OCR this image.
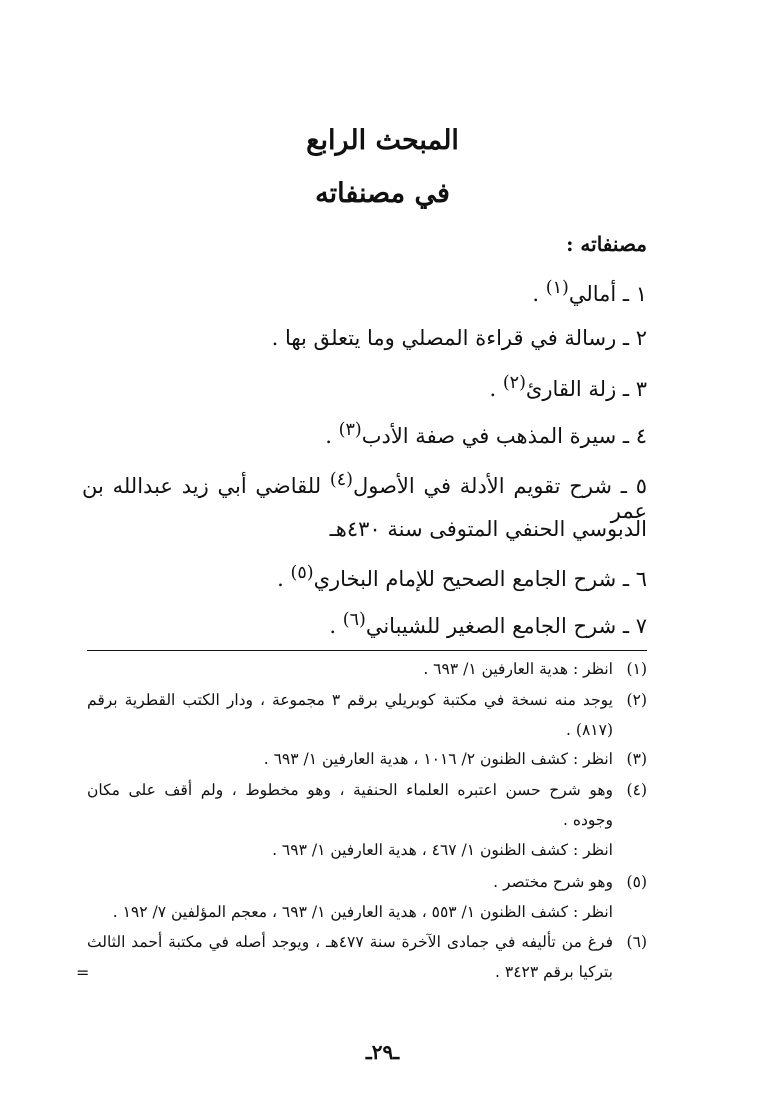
المبحث الرابع
في مصنفاته
مصنفاته :
١ ـ أمالي$^{(١)}$ .
٢ ـ رسالة في قراءة المصلي وما يتعلق بها .
٣ ـ زلة القارئ$^{(٢)}$ .
٤ ـ سيرة المذهب في صفة الأدب$^{(٣)}$ .
٥ ـ شرح تقويم الأدلة في الأصول$^{(٤)}$ للقاضي أبي زيد عبدالله بن عمر
الدبوسي الحنفي المتوفى سنة ٤٣٠هـ
٦ ـ شرح الجامع الصحيح للإمام البخاري$^{(٥)}$ .
٧ ـ شرح الجامع الصغير للشيباني$^{(٦)}$ .
(١)انظر : هدية العارفين ١/ ٦٩٣ .
(٢)يوجد منه نسخة في مكتبة كوبريلي برقم ٣ مجموعة ، ودار الكتب القطرية برقم
(٨١٧) .
(٣)انظر : كشف الظنون ٢/ ١٠١٦ ، هدية العارفين ١/ ٦٩٣ .
(٤)وهو شرح حسن اعتبره العلماء الحنفية ، وهو مخطوط ، ولم أقف على مكان
وجوده .
انظر : كشف الظنون ١/ ٤٦٧ ، هدية العارفين ١/ ٦٩٣ .
(٥)وهو شرح مختصر .
انظر : كشف الظنون ١/ ٥٥٣ ، هدية العارفين ١/ ٦٩٣ ، معجم المؤلفين ٧/ ١٩٢ .
(٦)فرغ من تأليفه في جمادى الآخرة سنة ٤٧٧هـ ، ويوجد أصله في مكتبة أحمد الثالث
بتركيا برقم ٣٤٢٣ .
=
ـ٢٩ـ
